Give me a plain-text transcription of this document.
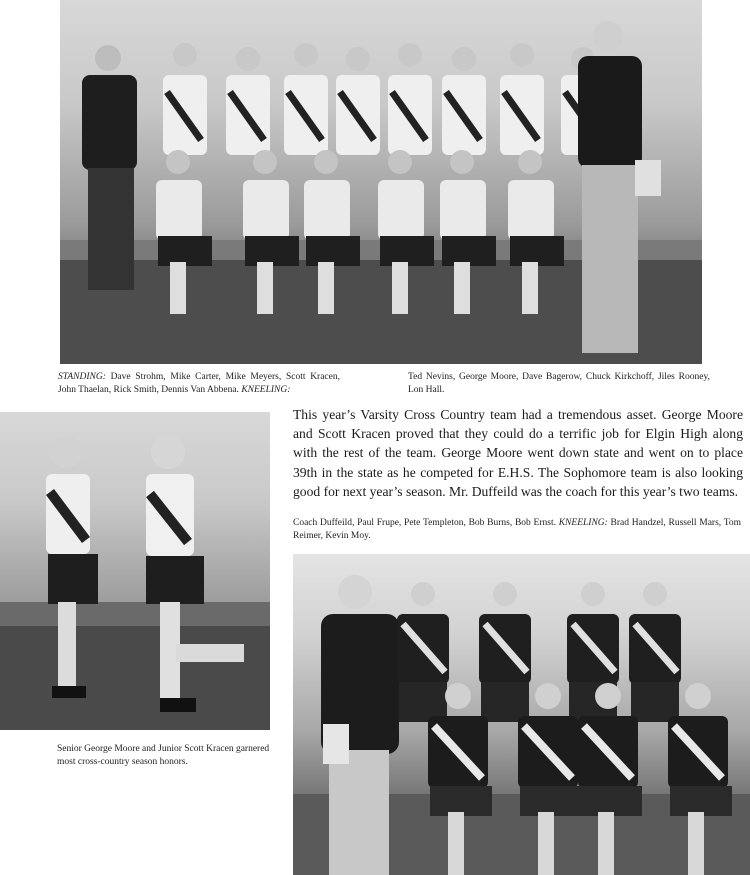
STANDING: Dave Strohm, Mike Carter, Mike Meyers, Scott Kracen, John Thaelan, Rick Smith, Dennis Van Abbena. KNEELING:
Ted Nevins, George Moore, Dave Bagerow, Chuck Kirkchoff, Jiles Rooney, Lon Hall.
Senior George Moore and Junior Scott Kracen garnered most cross-country season honors.
This year’s Varsity Cross Country team had a tremendous asset. George Moore and Scott Kracen proved that they could do a terrific job for Elgin High along with the rest of the team. George Moore went down state and went on to place 39th in the state as he competed for E.H.S. The Sophomore team is also looking good for next year’s season. Mr. Duffeild was the coach for this year’s two teams.
Coach Duffeild, Paul Frupe, Pete Templeton, Bob Burns, Bob Ernst. KNEELING: Brad Handzel, Russell Mars, Tom Reimer, Kevin Moy.
